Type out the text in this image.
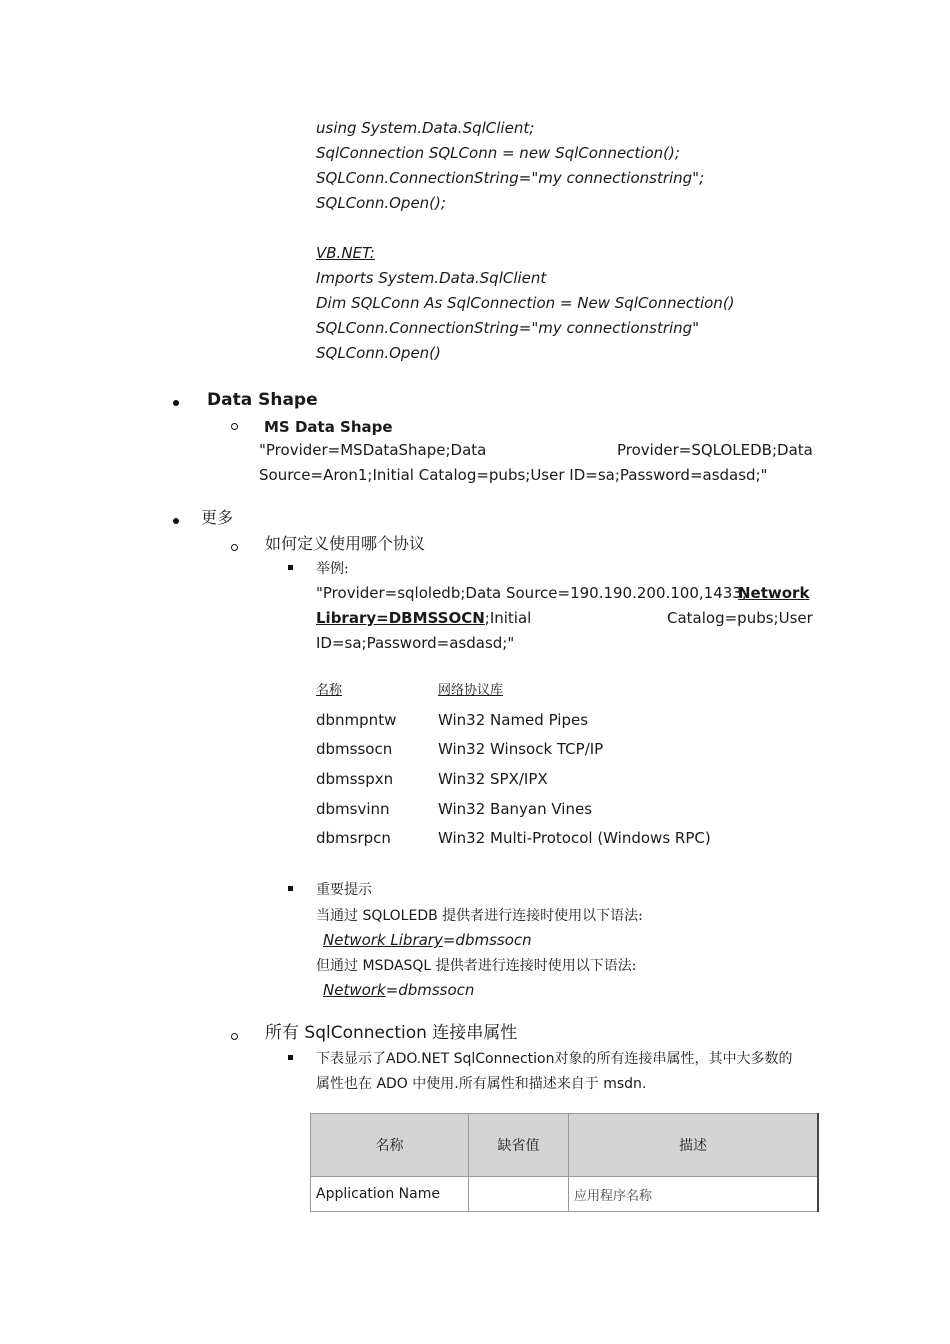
using System.Data.SqlClient;
SqlConnection SQLConn = new SqlConnection();
SQLConn.ConnectionString="my connectionstring";
SQLConn.Open();
VB.NET:
Imports System.Data.SqlClient
Dim SQLConn As SqlConnection = New SqlConnection()
SQLConn.ConnectionString="my connectionstring"
SQLConn.Open()
Data Shape
MS Data Shape
"Provider=MSDataShape;Data	Provider=SQLOLEDB;Data
Source=Aron1;Initial Catalog=pubs;User ID=sa;Password=asdasd;"
更多
如何定义使用哪个协议
举例:
"Provider=sqloledb;Data Source=190.190.200.100,1433;
Network
Library=DBMSSOCN;Initial	Catalog=pubs;User
ID=sa;Password=asdasd;"
名称	网络协议库
dbnmpntw	Win32 Named Pipes
dbmssocn	Win32 Winsock TCP/IP
dbmsspxn	Win32 SPX/IPX
dbmsvinn	Win32 Banyan Vines
dbmsrpcn	Win32 Multi-Protocol (Windows RPC)
重要提示
当通过 SQLOLEDB 提供者进行连接时使用以下语法:
Network Library=dbmssocn
但通过 MSDASQL 提供者进行连接时使用以下语法:
Network=dbmssocn
所有 SqlConnection 连接串属性
下表显示了ADO.NET SqlConnection对象的所有连接串属性，其中大多数的
属性也在 ADO 中使用.所有属性和描述来自于 msdn.
名称	缺省值	描述
Application Name		应用程序名称
